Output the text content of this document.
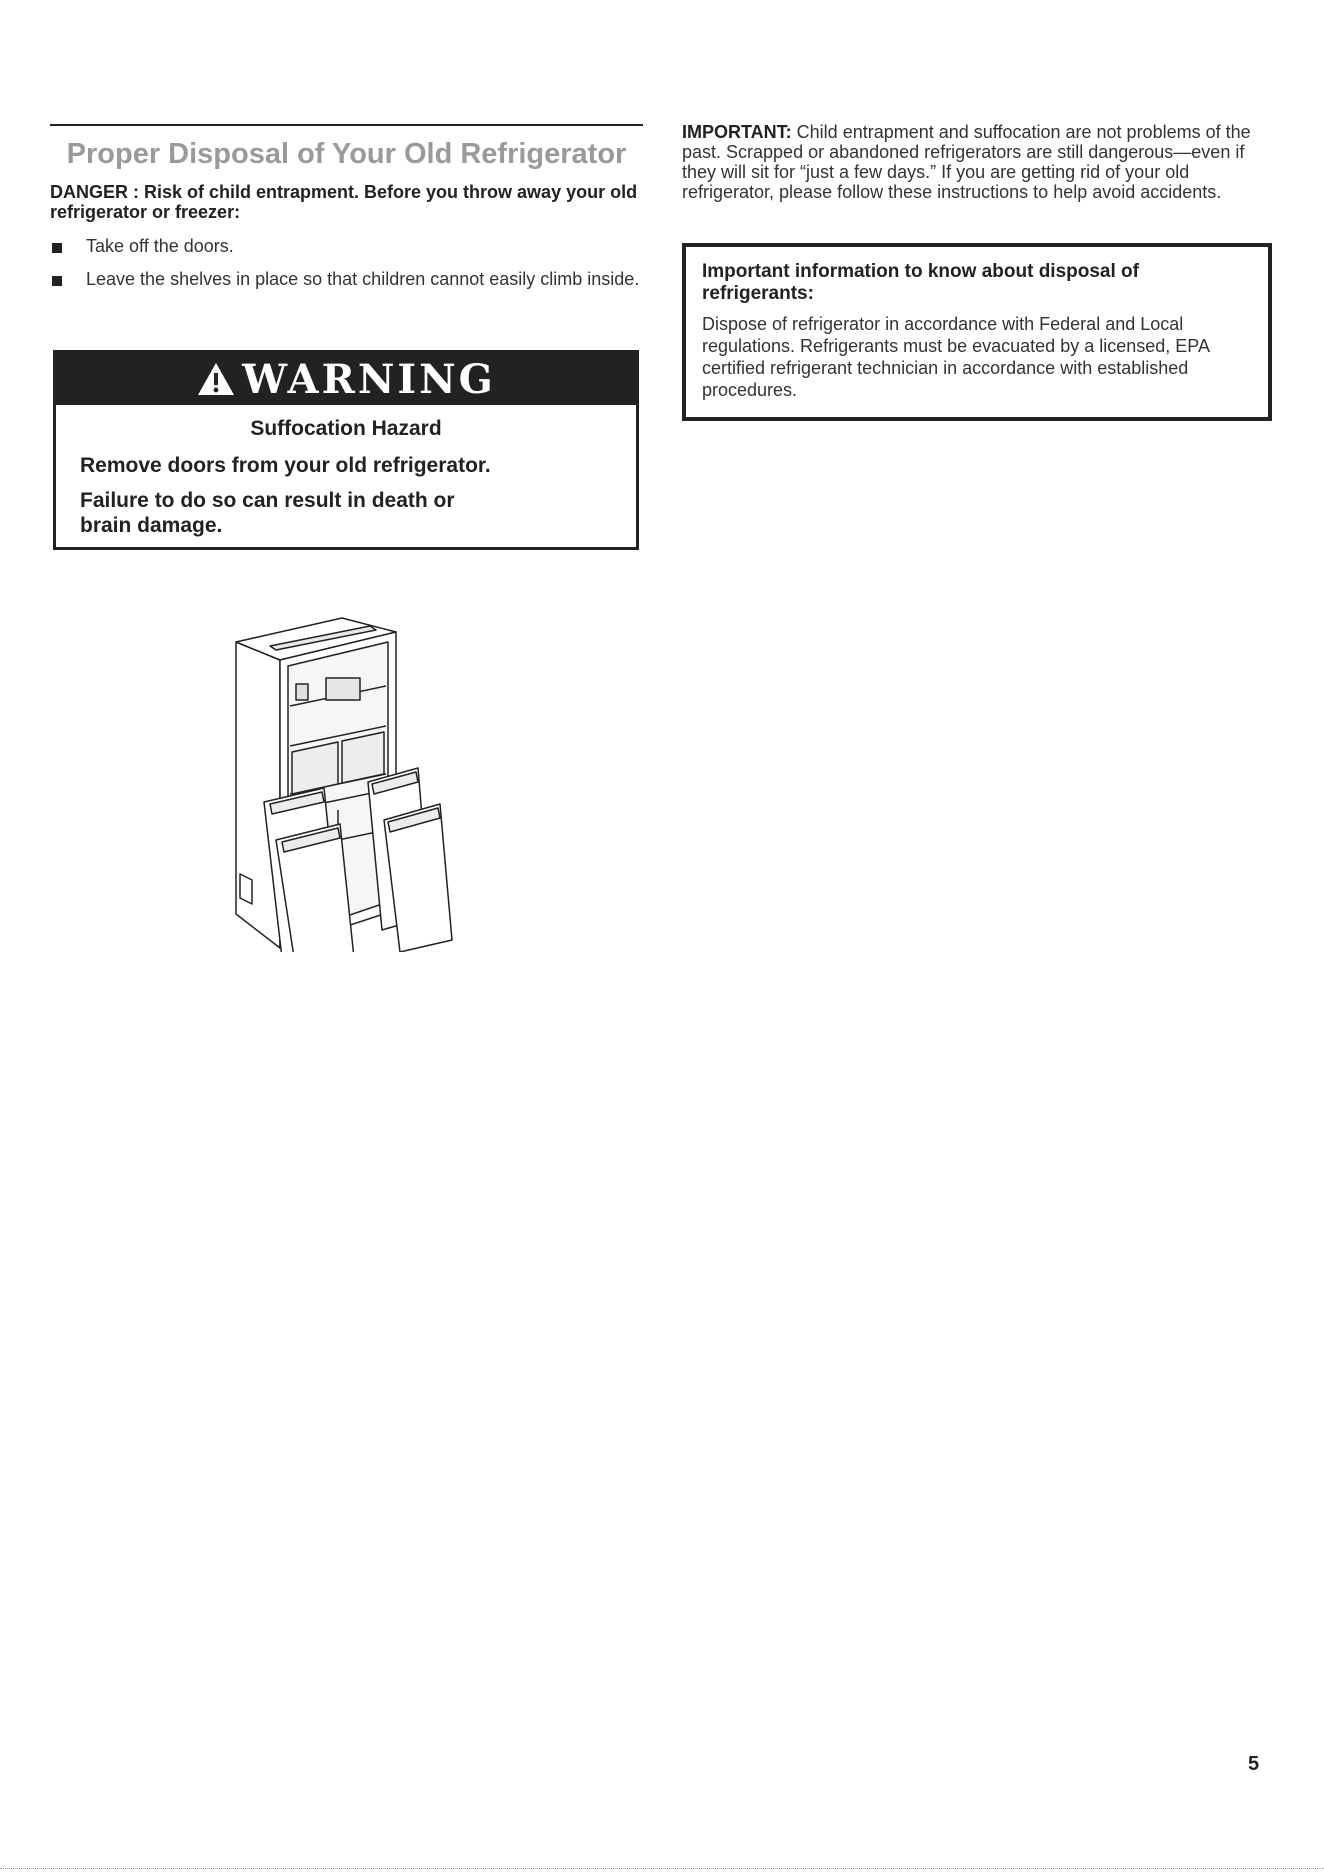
Proper Disposal of Your Old Refrigerator
DANGER : Risk of child entrapment. Before you throw away your old refrigerator or freezer:
Take off the doors.
Leave the shelves in place so that children cannot easily climb inside.
WARNING
Suffocation Hazard
Remove doors from your old refrigerator.
Failure to do so can result in death or brain damage.

IMPORTANT: Child entrapment and suffocation are not problems of the past. Scrapped or abandoned refrigerators are still dangerous—even if they will sit for “just a few days.” If you are getting rid of your old refrigerator, please follow these instructions to help avoid accidents.

Important information to know about disposal of refrigerants:
Dispose of refrigerator in accordance with Federal and Local regulations. Refrigerants must be evacuated by a licensed, EPA certified refrigerant technician in accordance with established procedures.
5
